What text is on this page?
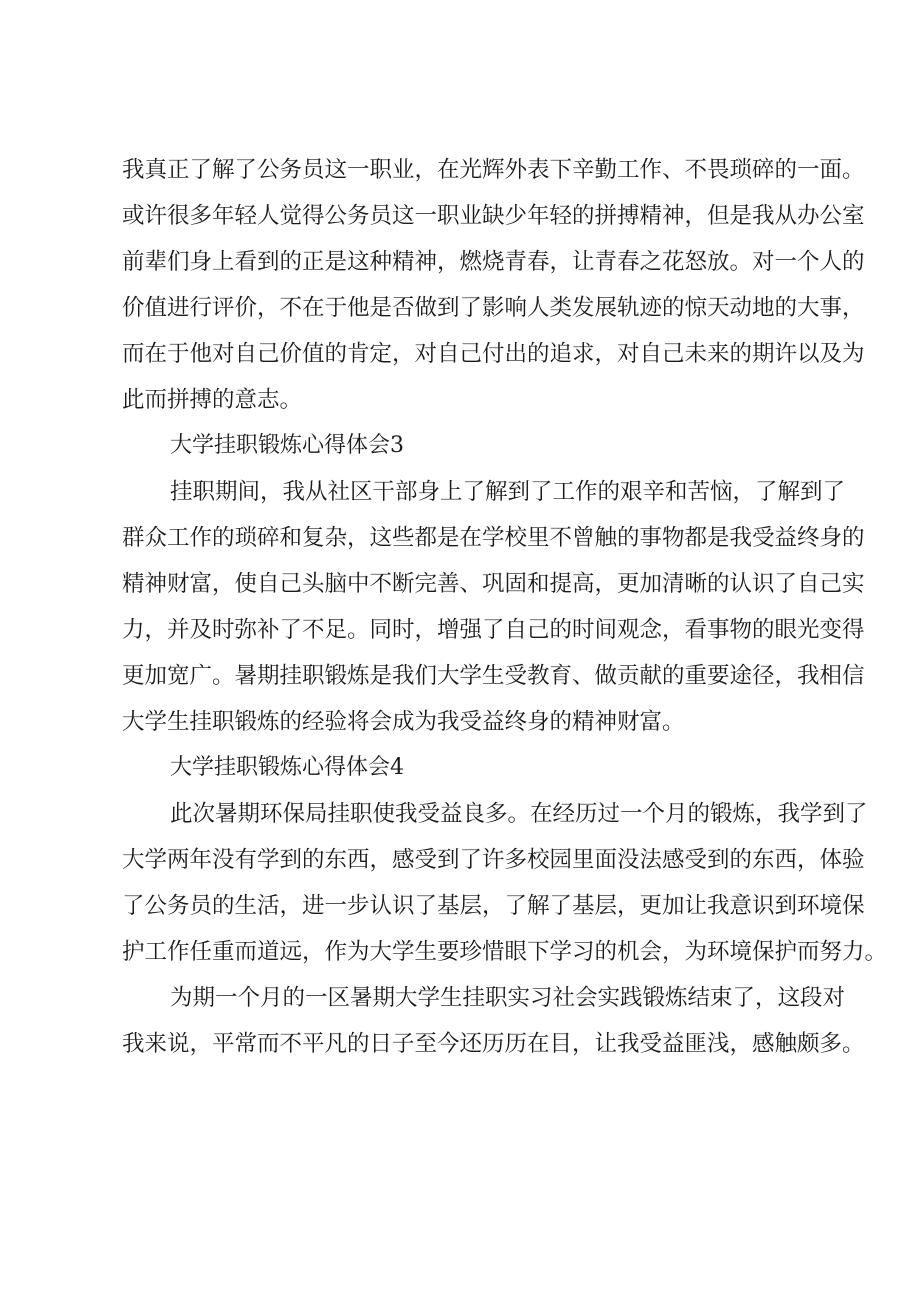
我真正了解了公务员这一职业，在光辉外表下辛勤工作、不畏琐碎的一面。
或许很多年轻人觉得公务员这一职业缺少年轻的拼搏精神，但是我从办公室
前辈们身上看到的正是这种精神，燃烧青春，让青春之花怒放。对一个人的
价值进行评价，不在于他是否做到了影响人类发展轨迹的惊天动地的大事，
而在于他对自己价值的肯定，对自己付出的追求，对自己未来的期许以及为
此而拼搏的意志。
大学挂职锻炼心得体会3
挂职期间，我从社区干部身上了解到了工作的艰辛和苦恼，了解到了
群众工作的琐碎和复杂，这些都是在学校里不曾触的事物都是我受益终身的
精神财富，使自己头脑中不断完善、巩固和提高，更加清晰的认识了自己实
力，并及时弥补了不足。同时，增强了自己的时间观念，看事物的眼光变得
更加宽广。暑期挂职锻炼是我们大学生受教育、做贡献的重要途径，我相信
大学生挂职锻炼的经验将会成为我受益终身的精神财富。
大学挂职锻炼心得体会4
此次暑期环保局挂职使我受益良多。在经历过一个月的锻炼，我学到了
大学两年没有学到的东西，感受到了许多校园里面没法感受到的东西，体验
了公务员的生活，进一步认识了基层，了解了基层，更加让我意识到环境保
护工作任重而道远，作为大学生要珍惜眼下学习的机会，为环境保护而努力。
为期一个月的一区暑期大学生挂职实习社会实践锻炼结束了，这段对
我来说，平常而不平凡的日子至今还历历在目，让我受益匪浅，感触颇多。
